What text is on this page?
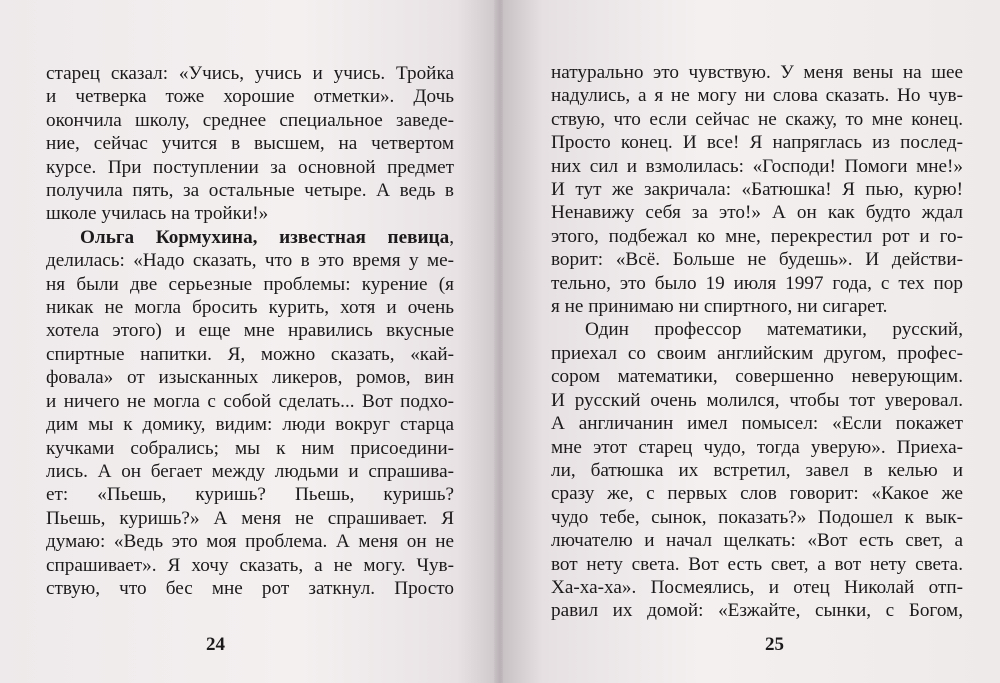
старец сказал: «Учись, учись и учись. Тройка
и четверка тоже хорошие отметки». Дочь
окончила школу, среднее специальное заведе-
ние, сейчас учится в высшем, на четвертом
курсе. При поступлении за основной предмет
получила пять, за остальные четыре. А ведь в
школе училась на тройки!»
Ольга Кормухина, известная певица,
делилась: «Надо сказать, что в это время у ме-
ня были две серьезные проблемы: курение (я
никак не могла бросить курить, хотя и очень
хотела этого) и еще мне нравились вкусные
спиртные напитки. Я, можно сказать, «кай-
фовала» от изысканных ликеров, ромов, вин
и ничего не могла с собой сделать... Вот подхо-
дим мы к домику, видим: люди вокруг старца
кучками собрались; мы к ним присоедини-
лись. А он бегает между людьми и спрашива-
ет: «Пьешь, куришь? Пьешь, куришь?
Пьешь, куришь?» А меня не спрашивает. Я
думаю: «Ведь это моя проблема. А меня он не
спрашивает». Я хочу сказать, а не могу. Чув-
ствую, что бес мне рот заткнул. Просто
24
натурально это чувствую. У меня вены на шее
надулись, а я не могу ни слова сказать. Но чув-
ствую, что если сейчас не скажу, то мне конец.
Просто конец. И все! Я напряглась из послед-
них сил и взмолилась: «Господи! Помоги мне!»
И тут же закричала: «Батюшка! Я пью, курю!
Ненавижу себя за это!» А он как будто ждал
этого, подбежал ко мне, перекрестил рот и го-
ворит: «Всё. Больше не будешь». И действи-
тельно, это было 19 июля 1997 года, с тех пор
я не принимаю ни спиртного, ни сигарет.
Один профессор математики, русский,
приехал со своим английским другом, профес-
сором математики, совершенно неверующим.
И русский очень молился, чтобы тот уверовал.
А англичанин имел помысел: «Если покажет
мне этот старец чудо, тогда уверую». Приеха-
ли, батюшка их встретил, завел в келью и
сразу же, с первых слов говорит: «Какое же
чудо тебе, сынок, показать?» Подошел к вык-
лючателю и начал щелкать: «Вот есть свет, а
вот нету света. Вот есть свет, а вот нету света.
Ха-ха-ха». Посмеялись, и отец Николай отп-
равил их домой: «Езжайте, сынки, с Богом,
25
